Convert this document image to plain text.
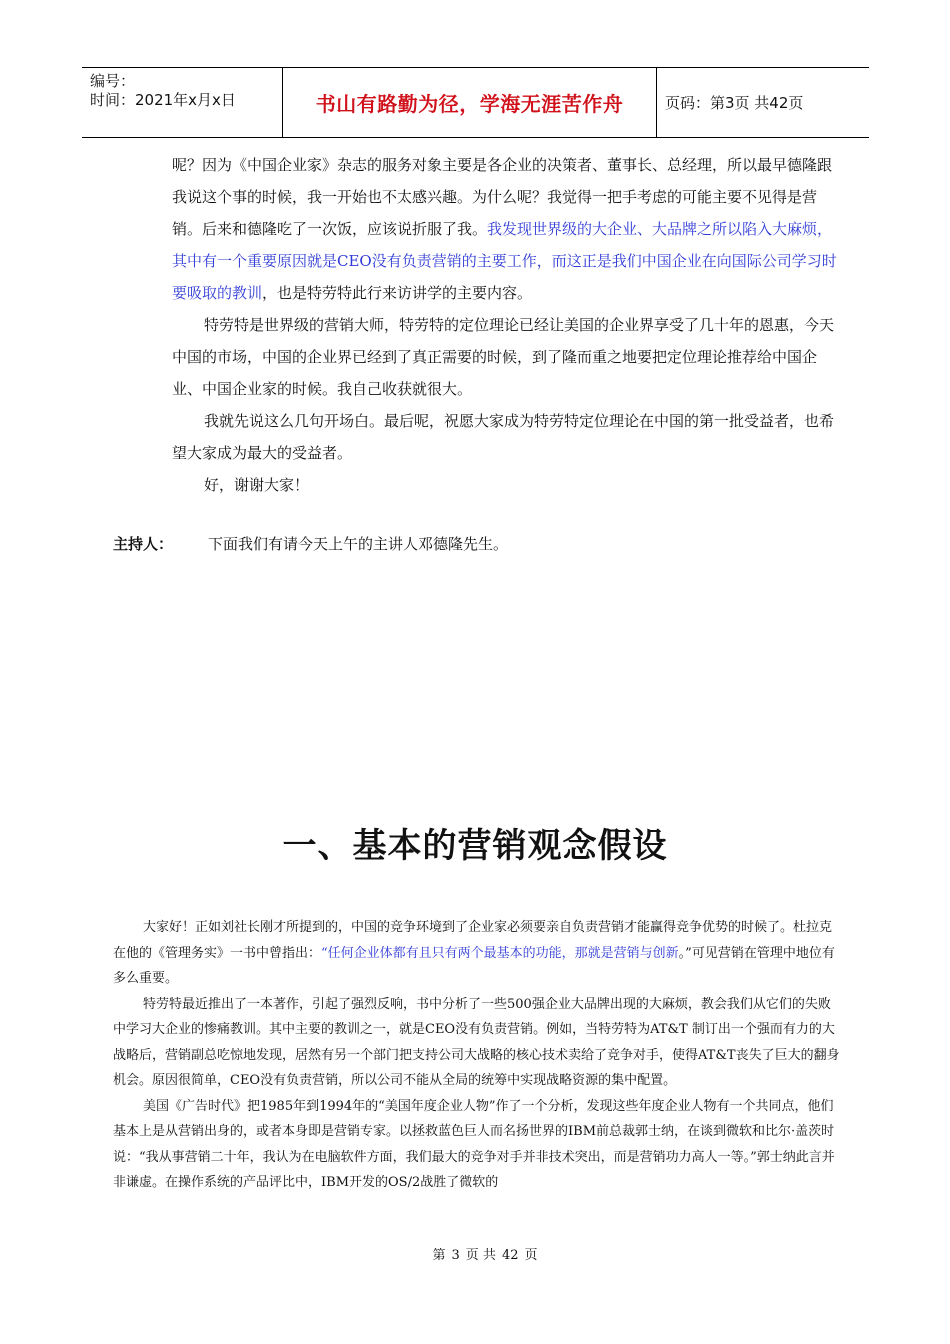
编号：
时间：2021年x月x日	书山有路勤为径，学海无涯苦作舟	页码：第3页 共42页

呢？因为《中国企业家》杂志的服务对象主要是各企业的决策者、董事长、总经理，所以最早德隆跟我说这个事的时候，我一开始也不太感兴趣。为什么呢？我觉得一把手考虑的可能主要不见得是营销。后来和德隆吃了一次饭，应该说折服了我。我发现世界级的大企业、大品牌之所以陷入大麻烦，其中有一个重要原因就是CEO没有负责营销的主要工作，而这正是我们中国企业在向国际公司学习时要吸取的教训，也是特劳特此行来访讲学的主要内容。

特劳特是世界级的营销大师，特劳特的定位理论已经让美国的企业界享受了几十年的恩惠，今天中国的市场，中国的企业界已经到了真正需要的时候，到了隆而重之地要把定位理论推荐给中国企业、中国企业家的时候。我自己收获就很大。

我就先说这么几句开场白。最后呢，祝愿大家成为特劳特定位理论在中国的第一批受益者，也希望大家成为最大的受益者。

好，谢谢大家！

主持人：	下面我们有请今天上午的主讲人邓德隆先生。
一、基本的营销观念假设

大家好！正如刘社长刚才所提到的，中国的竞争环境到了企业家必须要亲自负责营销才能赢得竞争优势的时候了。杜拉克在他的《管理务实》一书中曾指出：“任何企业体都有且只有两个最基本的功能，那就是营销与创新。”可见营销在管理中地位有多么重要。

特劳特最近推出了一本著作，引起了强烈反响，书中分析了一些500强企业大品牌出现的大麻烦，教会我们从它们的失败中学习大企业的惨痛教训。其中主要的教训之一，就是CEO没有负责营销。例如，当特劳特为AT&T 制订出一个强而有力的大战略后，营销副总吃惊地发现，居然有另一个部门把支持公司大战略的核心技术卖给了竞争对手，使得AT&T丧失了巨大的翻身机会。原因很简单，CEO没有负责营销，所以公司不能从全局的统筹中实现战略资源的集中配置。

美国《广告时代》把1985年到1994年的“美国年度企业人物”作了一个分析，发现这些年度企业人物有一个共同点，他们基本上是从营销出身的，或者本身即是营销专家。以拯救蓝色巨人而名扬世界的IBM前总裁郭士纳，在谈到微软和比尔·盖茨时说：“我从事营销二十年，我认为在电脑软件方面，我们最大的竞争对手并非技术突出，而是营销功力高人一等。”郭士纳此言并非谦虚。在操作系统的产品评比中，IBM开发的OS/2战胜了微软的

第 3 页 共 42 页
